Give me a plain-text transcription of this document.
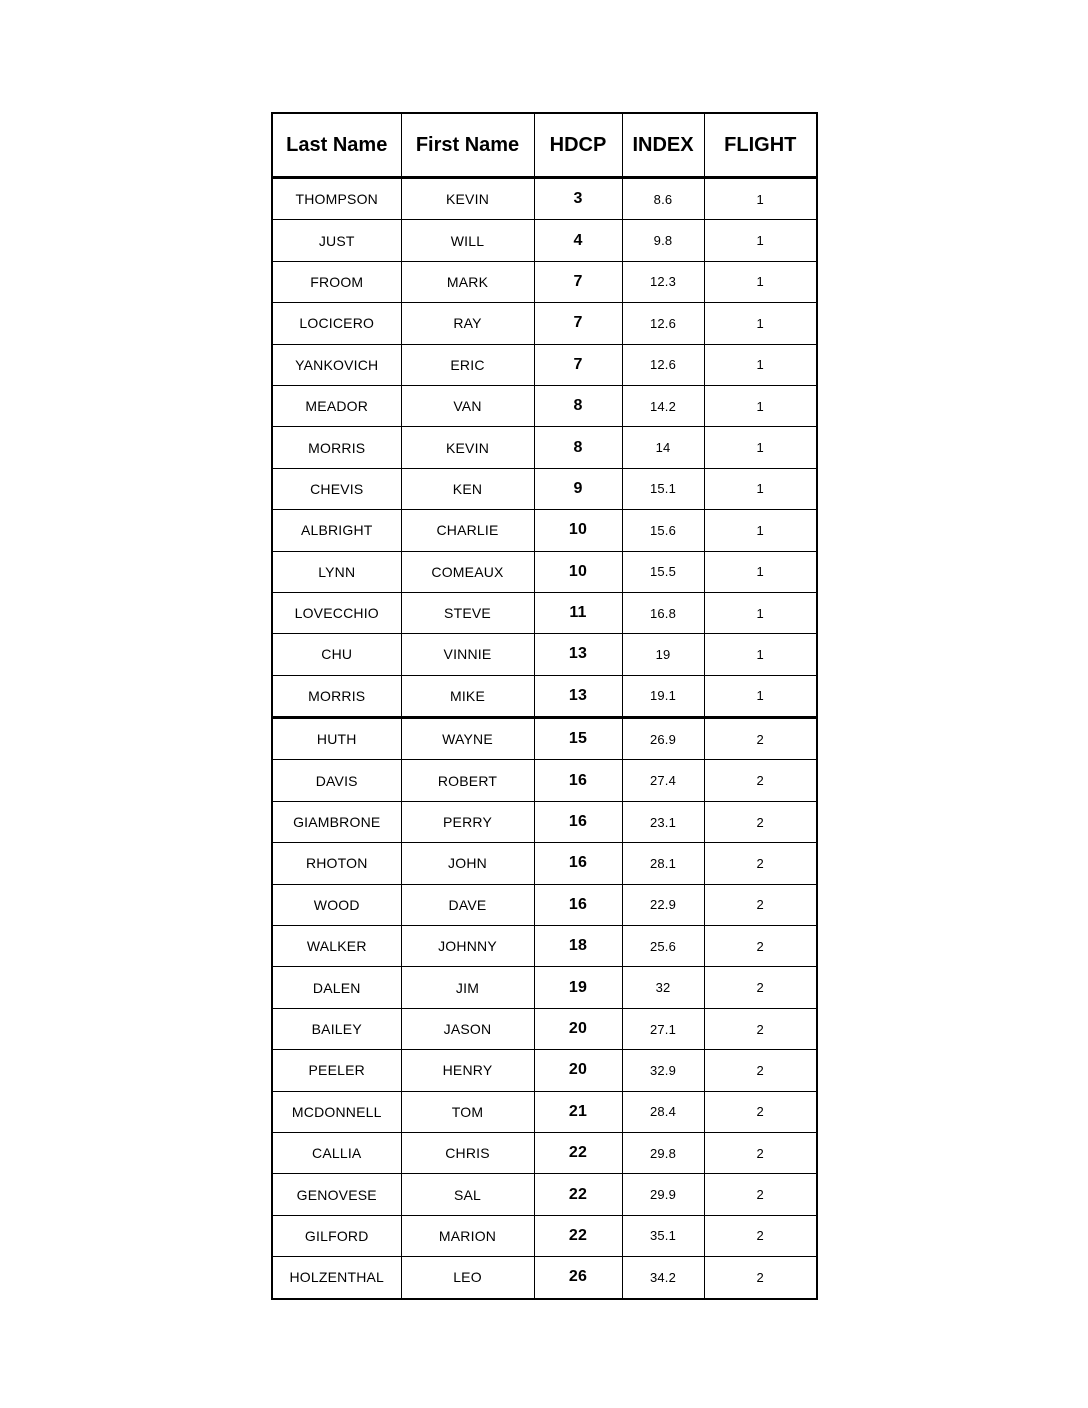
Last Name	First Name	HDCP	INDEX	FLIGHT
THOMPSON	KEVIN	3	8.6	1
JUST	WILL	4	9.8	1
FROOM	MARK	7	12.3	1
LOCICERO	RAY	7	12.6	1
YANKOVICH	ERIC	7	12.6	1
MEADOR	VAN	8	14.2	1
MORRIS	KEVIN	8	14	1
CHEVIS	KEN	9	15.1	1
ALBRIGHT	CHARLIE	10	15.6	1
LYNN	COMEAUX	10	15.5	1
LOVECCHIO	STEVE	11	16.8	1
CHU	VINNIE	13	19	1
MORRIS	MIKE	13	19.1	1
HUTH	WAYNE	15	26.9	2
DAVIS	ROBERT	16	27.4	2
GIAMBRONE	PERRY	16	23.1	2
RHOTON	JOHN	16	28.1	2
WOOD	DAVE	16	22.9	2
WALKER	JOHNNY	18	25.6	2
DALEN	JIM	19	32	2
BAILEY	JASON	20	27.1	2
PEELER	HENRY	20	32.9	2
MCDONNELL	TOM	21	28.4	2
CALLIA	CHRIS	22	29.8	2
GENOVESE	SAL	22	29.9	2
GILFORD	MARION	22	35.1	2
HOLZENTHAL	LEO	26	34.2	2
